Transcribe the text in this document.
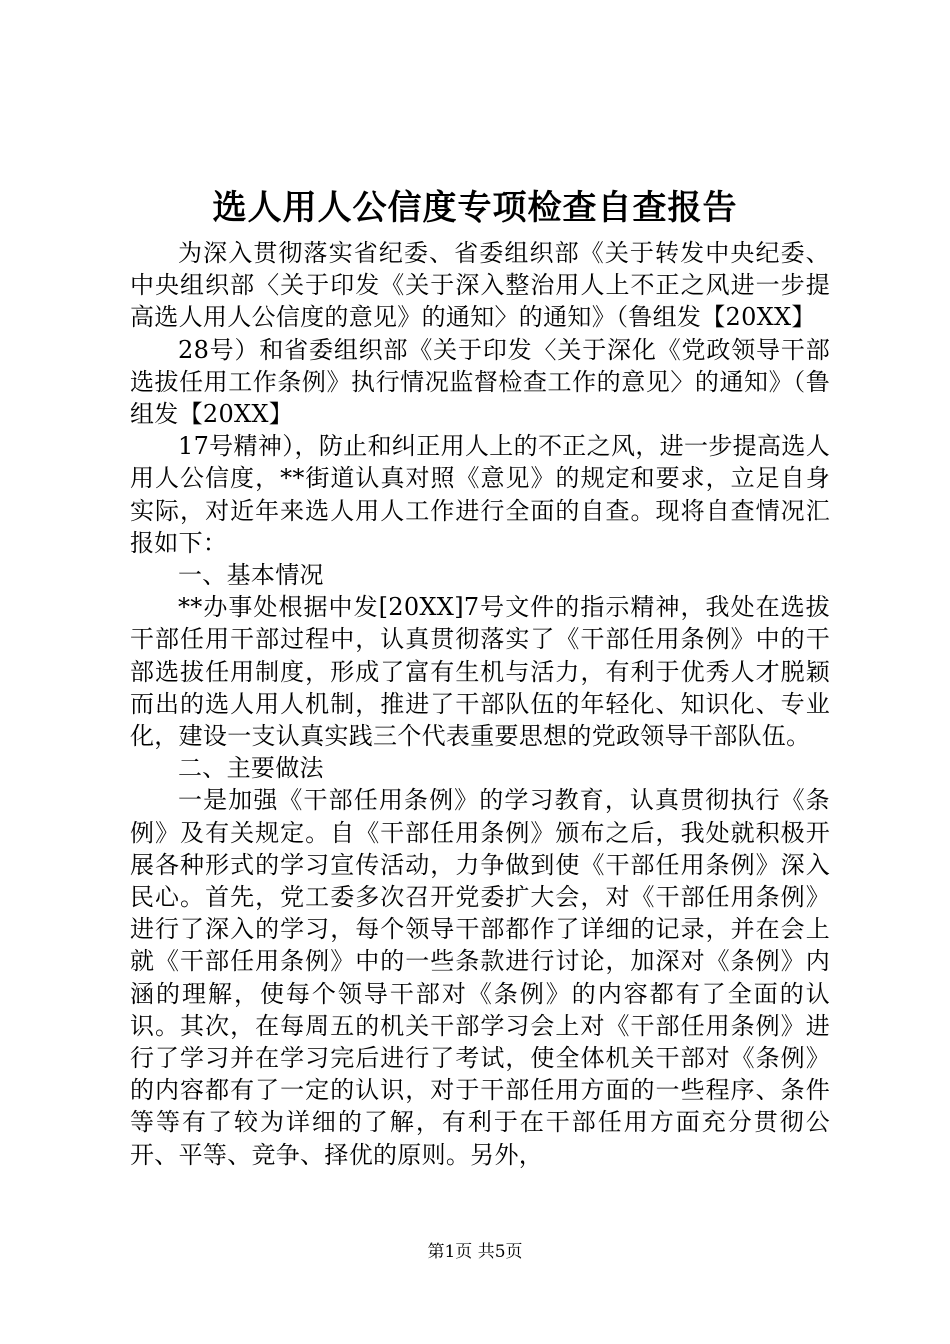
选人用人公信度专项检查自查报告

为深入贯彻落实省纪委、省委组织部《关于转发中央纪委、中央组织部〈关于印发《关于深入整治用人上不正之风进一步提高选人用人公信度的意见》的通知〉的通知》（鲁组发【20XX】

28号）和省委组织部《关于印发〈关于深化《党政领导干部选拔任用工作条例》执行情况监督检查工作的意见〉的通知》（鲁组发【20XX】

17号精神），防止和纠正用人上的不正之风，进一步提高选人用人公信度，**街道认真对照《意见》的规定和要求，立足自身实际，对近年来选人用人工作进行全面的自查。现将自查情况汇报如下：

一、基本情况

**办事处根据中发[20XX]7号文件的指示精神，我处在选拔干部任用干部过程中，认真贯彻落实了《干部任用条例》中的干部选拔任用制度，形成了富有生机与活力，有利于优秀人才脱颖而出的选人用人机制，推进了干部队伍的年轻化、知识化、专业化，建设一支认真实践三个代表重要思想的党政领导干部队伍。

二、主要做法

一是加强《干部任用条例》的学习教育，认真贯彻执行《条例》及有关规定。自《干部任用条例》颁布之后，我处就积极开展各种形式的学习宣传活动，力争做到使《干部任用条例》深入民心。首先，党工委多次召开党委扩大会，对《干部任用条例》进行了深入的学习，每个领导干部都作了详细的记录，并在会上就《干部任用条例》中的一些条款进行讨论，加深对《条例》内涵的理解，使每个领导干部对《条例》的内容都有了全面的认识。其次，在每周五的机关干部学习会上对《干部任用条例》进行了学习并在学习完后进行了考试，使全体机关干部对《条例》的内容都有了一定的认识，对于干部任用方面的一些程序、条件等等有了较为详细的了解，有利于在干部任用方面充分贯彻公开、平等、竞争、择优的原则。另外，

第1页 共5页
